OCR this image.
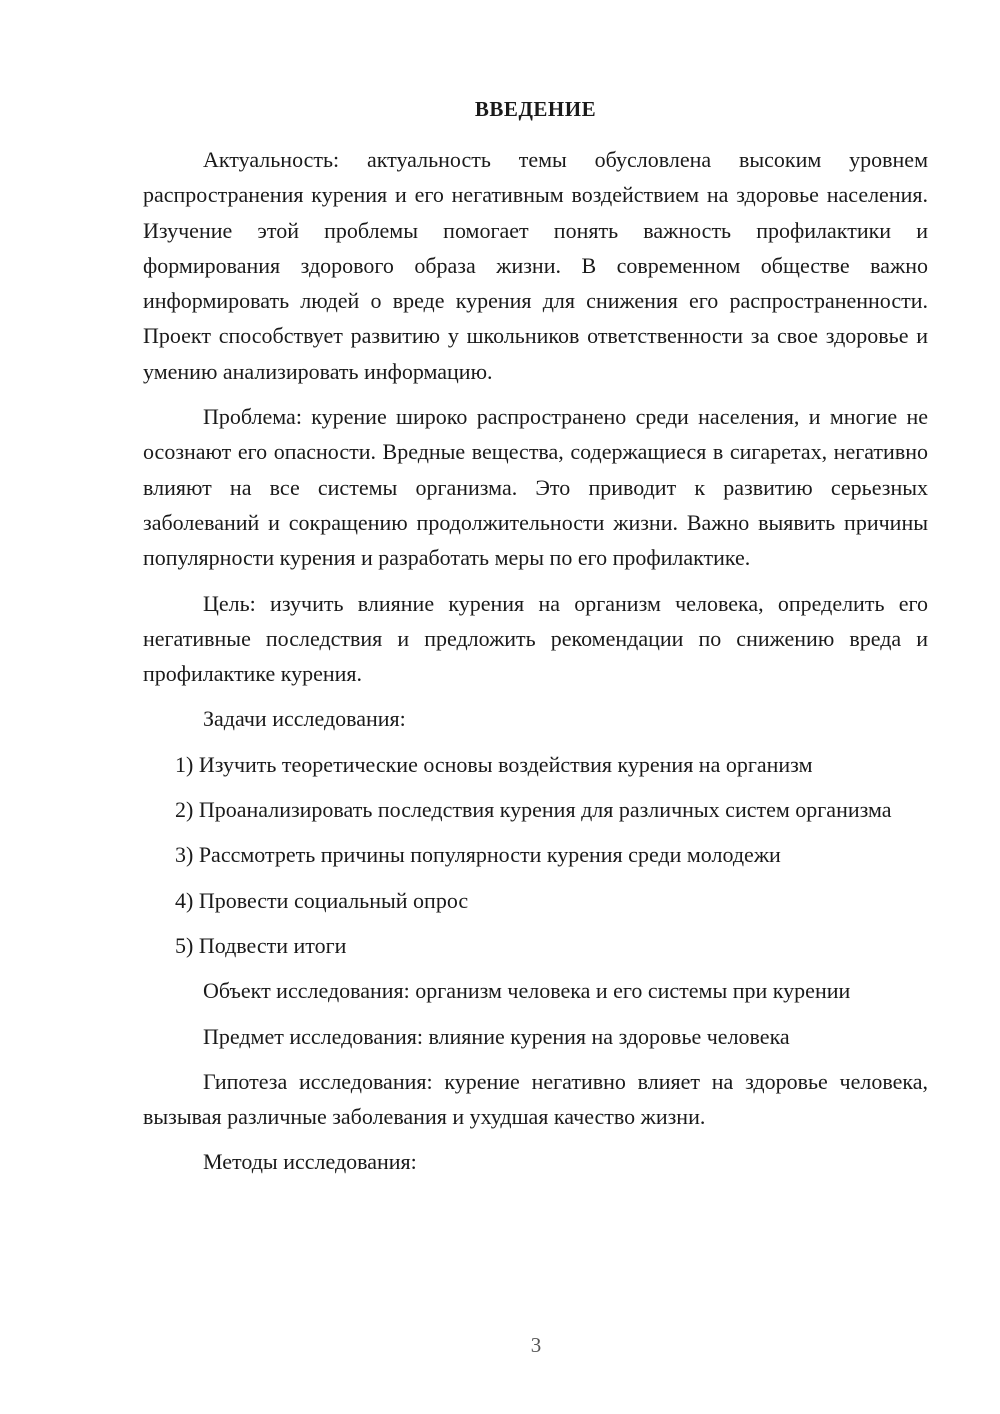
ВВЕДЕНИЕ

Актуальность: актуальность темы обусловлена высоким уровнем распространения курения и его негативным воздействием на здоровье населения. Изучение этой проблемы помогает понять важность профилактики и формирования здорового образа жизни. В современном обществе важно информировать людей о вреде курения для снижения его распространенности. Проект способствует развитию у школьников ответственности за свое здоровье и умению анализировать информацию.

Проблема: курение широко распространено среди населения, и многие не осознают его опасности. Вредные вещества, содержащиеся в сигаретах, негативно влияют на все системы организма. Это приводит к развитию серьезных заболеваний и сокращению продолжительности жизни. Важно выявить причины популярности курения и разработать меры по его профилактике.

Цель: изучить влияние курения на организм человека, определить его негативные последствия и предложить рекомендации по снижению вреда и профилактике курения.

Задачи исследования:

1) Изучить теоретические основы воздействия курения на организм

2) Проанализировать последствия курения для различных систем организма

3) Рассмотреть причины популярности курения среди молодежи

4) Провести социальный опрос

5) Подвести итоги

Объект исследования: организм человека и его системы при курении

Предмет исследования: влияние курения на здоровье человека

Гипотеза исследования: курение негативно влияет на здоровье человека, вызывая различные заболевания и ухудшая качество жизни.

Методы исследования:

3
